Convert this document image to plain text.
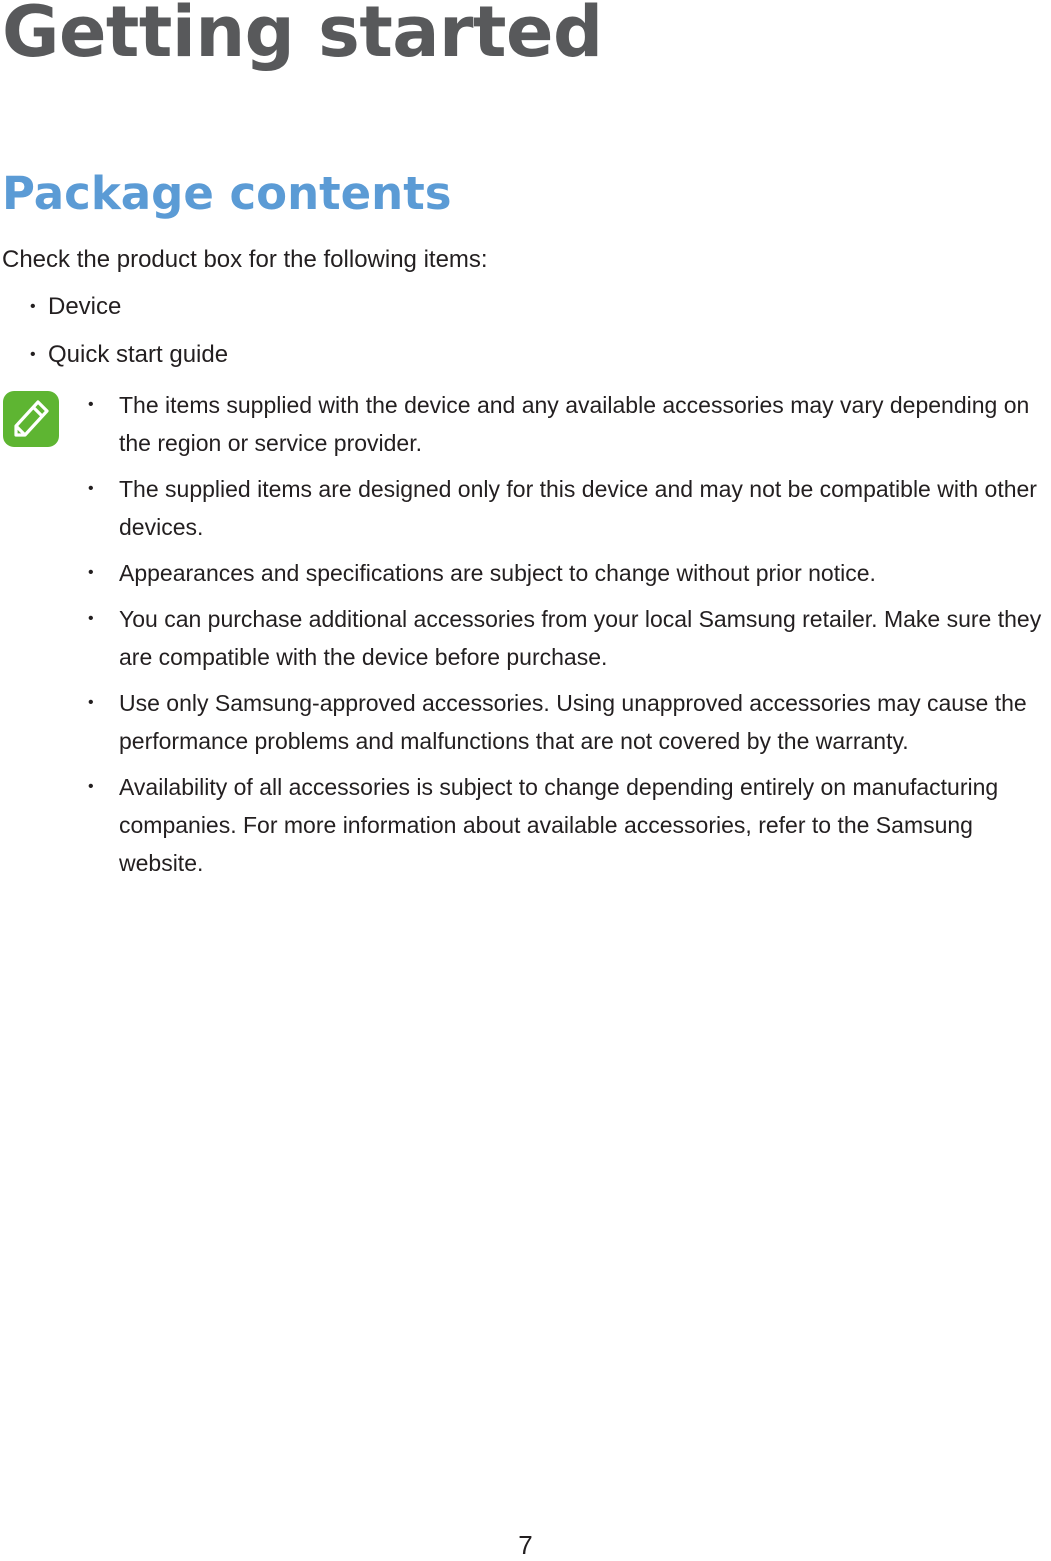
Getting started
Package contents
Check the product box for the following items:
• Device
• Quick start guide
• The items supplied with the device and any available accessories may vary depending on the region or service provider.
• The supplied items are designed only for this device and may not be compatible with other devices.
• Appearances and specifications are subject to change without prior notice.
• You can purchase additional accessories from your local Samsung retailer. Make sure they are compatible with the device before purchase.
• Use only Samsung-approved accessories. Using unapproved accessories may cause the performance problems and malfunctions that are not covered by the warranty.
• Availability of all accessories is subject to change depending entirely on manufacturing companies. For more information about available accessories, refer to the Samsung website.
7
